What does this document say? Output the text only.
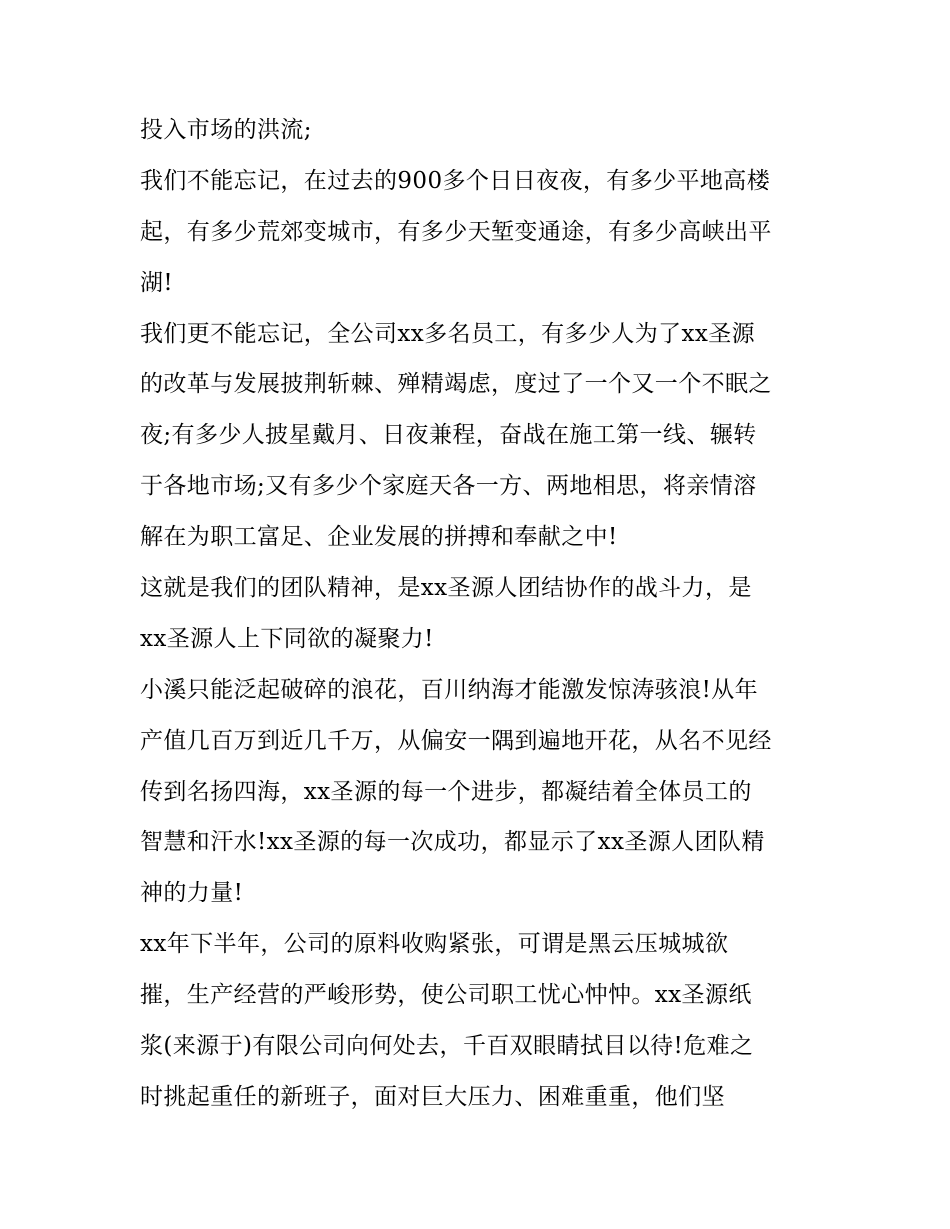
投入市场的洪流;
我们不能忘记，在过去的900多个日日夜夜，有多少平地高楼
起，有多少荒郊变城市，有多少天堑变通途，有多少高峡出平
湖!
我们更不能忘记，全公司xx多名员工，有多少人为了xx圣源
的改革与发展披荆斩棘、殚精竭虑，度过了一个又一个不眠之
夜;有多少人披星戴月、日夜兼程，奋战在施工第一线、辗转
于各地市场;又有多少个家庭天各一方、两地相思，将亲情溶
解在为职工富足、企业发展的拼搏和奉献之中!
这就是我们的团队精神，是xx圣源人团结协作的战斗力，是
xx圣源人上下同欲的凝聚力!
小溪只能泛起破碎的浪花，百川纳海才能激发惊涛骇浪!从年
产值几百万到近几千万，从偏安一隅到遍地开花，从名不见经
传到名扬四海，xx圣源的每一个进步，都凝结着全体员工的
智慧和汗水!xx圣源的每一次成功，都显示了xx圣源人团队精
神的力量!
xx年下半年，公司的原料收购紧张，可谓是黑云压城城欲
摧，生产经营的严峻形势，使公司职工忧心忡忡。xx圣源纸
浆(来源于)有限公司向何处去，千百双眼睛拭目以待!危难之
时挑起重任的新班子，面对巨大压力、困难重重，他们坚
